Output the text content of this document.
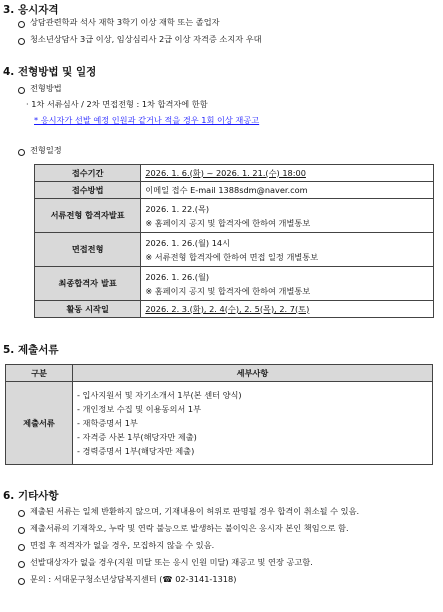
3. 응시자격
상담관련학과 석사 재학 3학기 이상 재학 또는 졸업자
청소년상담사 3급 이상, 임상심리사 2급 이상 자격증 소지자 우대
4. 전형방법 및 일정
전형방법
· 1차 서류심사 / 2차 면접전형 : 1차 합격자에 한함
* 응시자가 선발 예정 인원과 같거나 적을 경우 1회 이상 재공고
전형일정
접수기간	2026. 1. 6.(화) ~ 2026. 1. 21.(수) 18:00
접수방법	이메일 접수 E-mail 1388sdm@naver.com
서류전형 합격자발표	2026. 1. 22.(목)
※ 홈페이지 공지 및 합격자에 한하여 개별통보

면접전형	2026. 1. 26.(월) 14시
※ 서류전형 합격자에 한하여 면접 일정 개별통보

최종합격자 발표	2026. 1. 26.(월)
※ 홈페이지 공지 및 합격자에 한하여 개별통보

활동 시작일	2026. 2. 3.(화), 2. 4(수), 2. 5(목), 2. 7(토)
5. 제출서류
구분	세부사항
제출서류	- 입사지원서 및 자기소개서 1부(본 센터 양식)
- 개인정보 수집 및 이용동의서 1부
- 재학증명서 1부
- 자격증 사본 1부(해당자만 제출)
- 경력증명서 1부(해당자만 제출)
6. 기타사항
제출된 서류는 일체 반환하지 않으며, 기재내용이 허위로 판명될 경우 합격이 취소될 수 있음.
제출서류의 기재착오, 누락 및 연락 불능으로 발생하는 불이익은 응시자 본인 책임으로 함.
면접 후 적격자가 없을 경우, 모집하지 않을 수 있음.
선발대상자가 없을 경우(지원 미달 또는 응시 인원 미달) 재공고 및 연장 공고함.
문의 : 서대문구청소년상담복지센터 (☎ 02-3141-1318)
